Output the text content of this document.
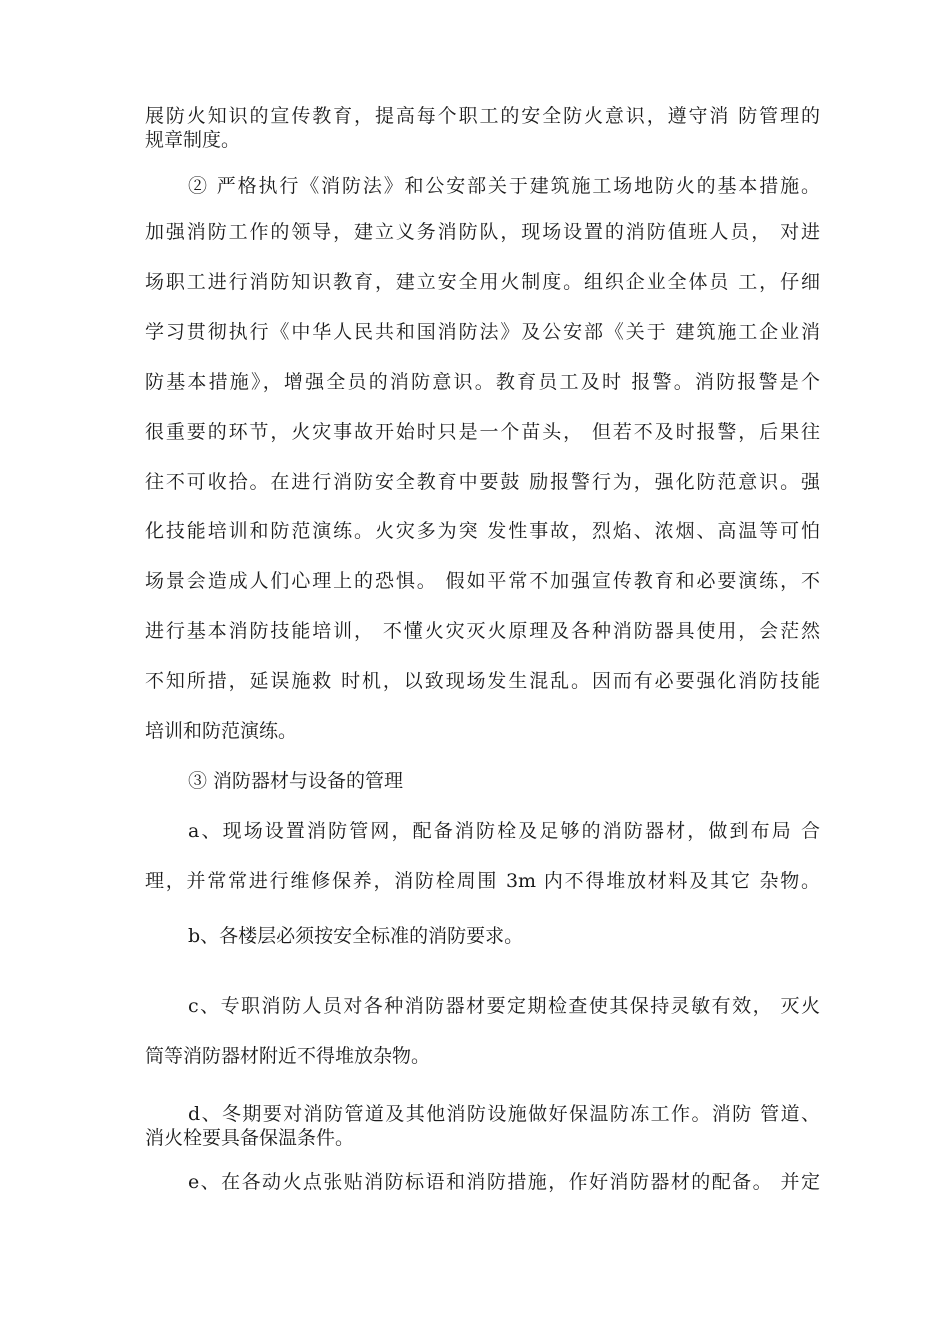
展防火知识的宣传教育，提高每个职工的安全防火意识，遵守消 防管理的
规章制度。
② 严格执行《消防法》和公安部关于建筑施工场地防火的基本措施。
加强消防工作的领导，建立义务消防队，现场设置的消防值班人员， 对进
场职工进行消防知识教育，建立安全用火制度。组织企业全体员 工，仔细
学习贯彻执行《中华人民共和国消防法》及公安部《关于 建筑施工企业消
防基本措施》，增强全员的消防意识。教育员工及时 报警。消防报警是个
很重要的环节，火灾事故开始时只是一个苗头， 但若不及时报警，后果往
往不可收拾。在进行消防安全教育中要鼓 励报警行为，强化防范意识。强
化技能培训和防范演练。火灾多为突 发性事故，烈焰、浓烟、高温等可怕
场景会造成人们心理上的恐惧。 假如平常不加强宣传教育和必要演练，不
进行基本消防技能培训， 不懂火灾灭火原理及各种消防器具使用，会茫然
不知所措，延误施救 时机，以致现场发生混乱。因而有必要强化消防技能
培训和防范演练。
③ 消防器材与设备的管理
a、现场设置消防管网，配备消防栓及足够的消防器材，做到布局 合
理，并常常进行维修保养，消防栓周围 3m 内不得堆放材料及其它 杂物。
b、各楼层必须按安全标准的消防要求。
c、专职消防人员对各种消防器材要定期检查使其保持灵敏有效， 灭火
筒等消防器材附近不得堆放杂物。
d、冬期要对消防管道及其他消防设施做好保温防冻工作。消防 管道、
消火栓要具备保温条件。
e、在各动火点张贴消防标语和消防措施，作好消防器材的配备。 并定
